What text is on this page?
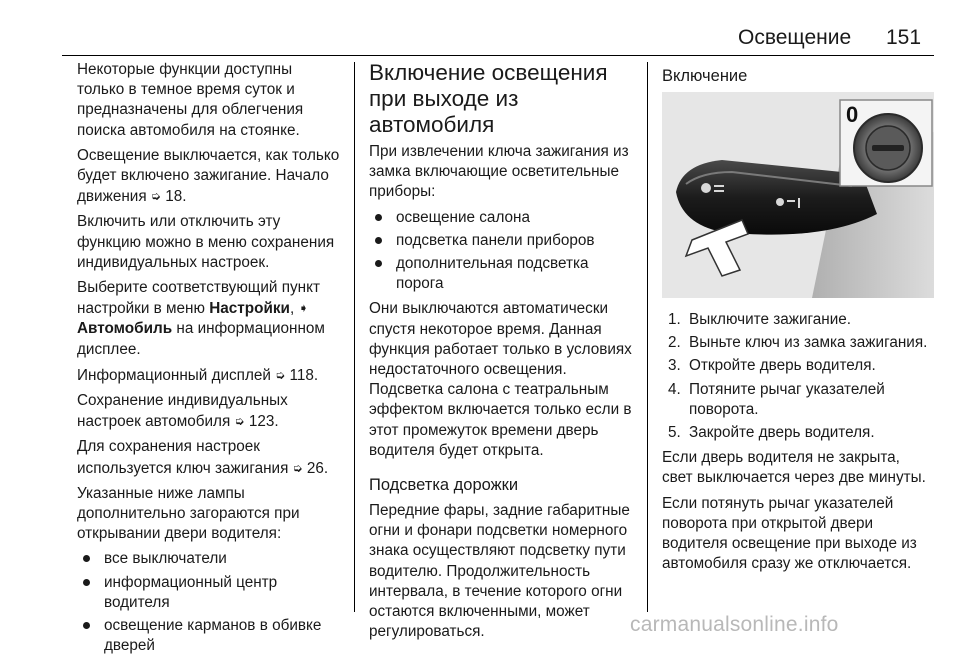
Освещение 151

Некоторые функции доступны только в темное время суток и предназначены для облегчения поиска автомобиля на стоянке.

Освещение выключается, как только будет включено зажигание. Начало движения ➭ 18.

Включить или отключить эту функцию можно в меню сохранения индивидуальных настроек.

Выберите соответствующий пункт настройки в меню Настройки, ➧
Автомобиль на информационном дисплее.

Информационный дисплей ➭ 118.

Сохранение индивидуальных настроек автомобиля ➭ 123.

Для сохранения настроек используется ключ зажигания ➭ 26.

Указанные ниже лампы дополнительно загораются при открывании двери водителя:

все выключатели
информационный центр водителя
освещение карманов в обивке дверей
Включение освещения при выходе из автомобиля

При извлечении ключа зажигания из замка включающие осветительные приборы:

освещение салона
подсветка панели приборов
дополнительная подсветка порога

Они выключаются автоматически спустя некоторое время. Данная функция работает только в условиях недостаточного освещения. Подсветка салона с театральным эффектом включается только если в этот промежуток времени дверь водителя будет открыта.

Подсветка дорожки

Передние фары, задние габаритные огни и фонари подсветки номерного знака осуществляют подсветку пути водителю. Продолжительность интервала, в течение которого огни остаются включенными, может регулироваться.

Включение
0
1. Выключите зажигание.
2. Выньте ключ из замка зажигания.
3. Откройте дверь водителя.
4. Потяните рычаг указателей поворота.
5. Закройте дверь водителя.

Если дверь водителя не закрыта, свет выключается через две минуты.

Если потянуть рычаг указателей поворота при открытой двери водителя освещение при выходе из автомобиля сразу же отключается.

carmanualsonline.info
